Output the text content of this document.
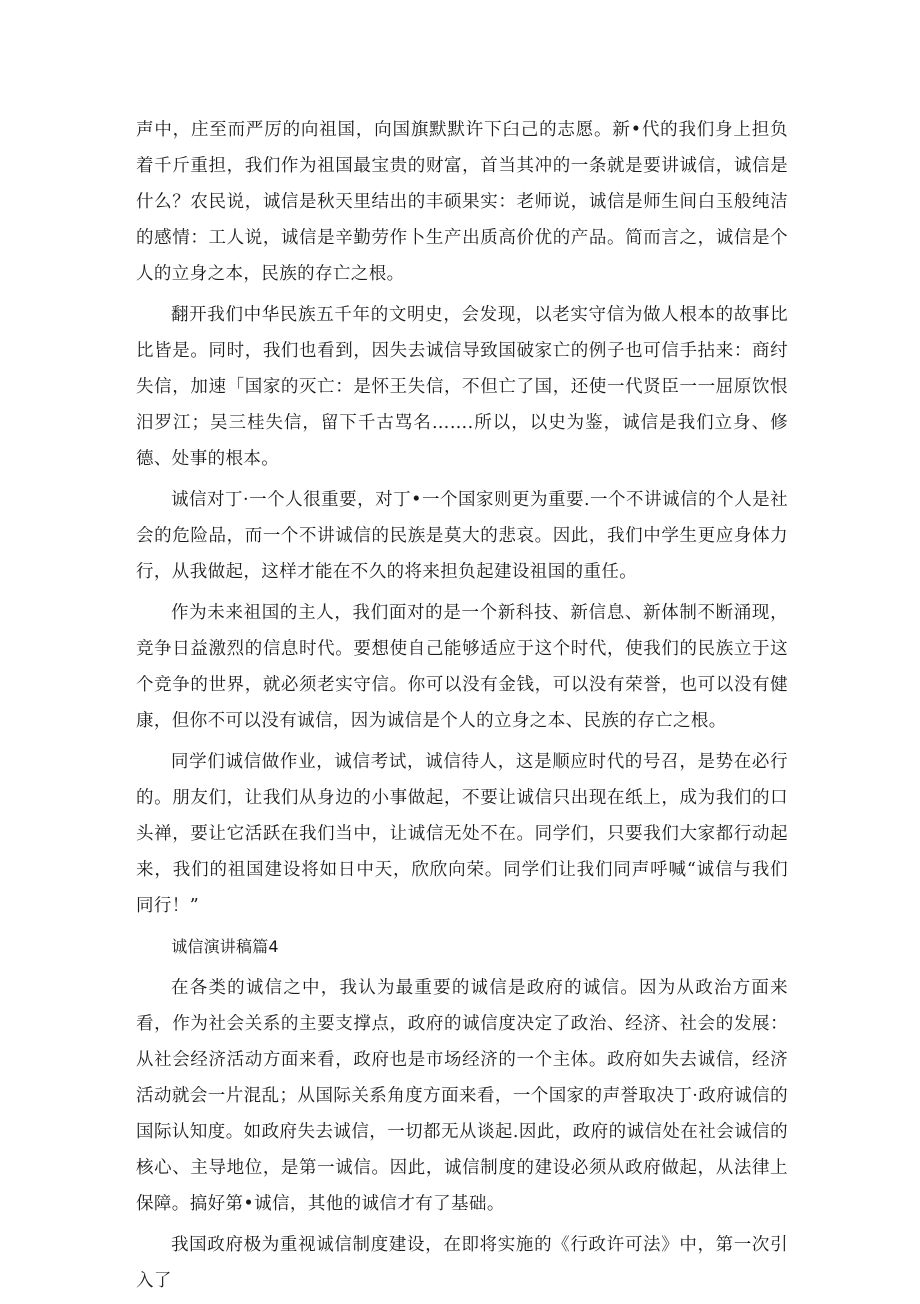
声中，庄至而严厉的向祖国，向国旗默默许下臼己的志愿。新•代的我们身上担负着千斤重担，我们作为祖国最宝贵的财富，首当其冲的一条就是要讲诚信，诚信是什么？农民说，诚信是秋天里结出的丰硕果实：老师说，诚信是师生间白玉般纯洁的感情：工人说，诚信是辛勤劳作卜生产出质高价优的产品。简而言之，诚信是个人的立身之本，民族的存亡之根。

翻开我们中华民族五千年的文明史，会发现，以老实守信为做人根本的故事比比皆是。同时，我们也看到，因失去诚信导致国破家亡的例子也可信手拈来：商纣失信，加速「国家的灭亡：是怀王失信，不但亡了国，还使一代贤臣一一屈原饮恨汨罗江；吴三桂失信，留下千古骂名…….所以，以史为鉴，诚信是我们立身、修德、处事的根本。

诚信对丁·一个人很重要，对丁•一个国家则更为重要.一个不讲诚信的个人是社会的危险品，而一个不讲诚信的民族是莫大的悲哀。因此，我们中学生更应身体力行，从我做起，这样才能在不久的将来担负起建设祖国的重任。

作为未来祖国的主人，我们面对的是一个新科技、新信息、新体制不断涌现，竞争日益激烈的信息时代。要想使自己能够适应于这个时代，使我们的民族立于这个竞争的世界，就必须老实守信。你可以没有金钱，可以没有荣誉，也可以没有健康，但你不可以没有诚信，因为诚信是个人的立身之本、民族的存亡之根。

同学们诚信做作业，诚信考试，诚信待人，这是顺应时代的号召，是势在必行的。朋友们，让我们从身边的小事做起，不要让诚信只出现在纸上，成为我们的口头禅，要让它活跃在我们当中，让诚信无处不在。同学们，只要我们大家都行动起来，我们的祖国建设将如日中天，欣欣向荣。同学们让我们同声呼喊“诚信与我们同行！”

诚信演讲稿篇4

在各类的诚信之中，我认为最重要的诚信是政府的诚信。因为从政治方面来看，作为社会关系的主要支撑点，政府的诚信度决定了政治、经济、社会的发展：从社会经济活动方面来看，政府也是市场经济的一个主体。政府如失去诚信，经济活动就会一片混乱；从国际关系角度方面来看，一个国家的声誉取决丁·政府诚信的国际认知度。如政府失去诚信，一切都无从谈起.因此，政府的诚信处在社会诚信的核心、主导地位，是第一诚信。因此，诚信制度的建设必须从政府做起，从法律上保障。搞好第•诚信，其他的诚信才有了基础。

我国政府极为重视诚信制度建设，在即将实施的《行政许可法》中，第一次引入了
